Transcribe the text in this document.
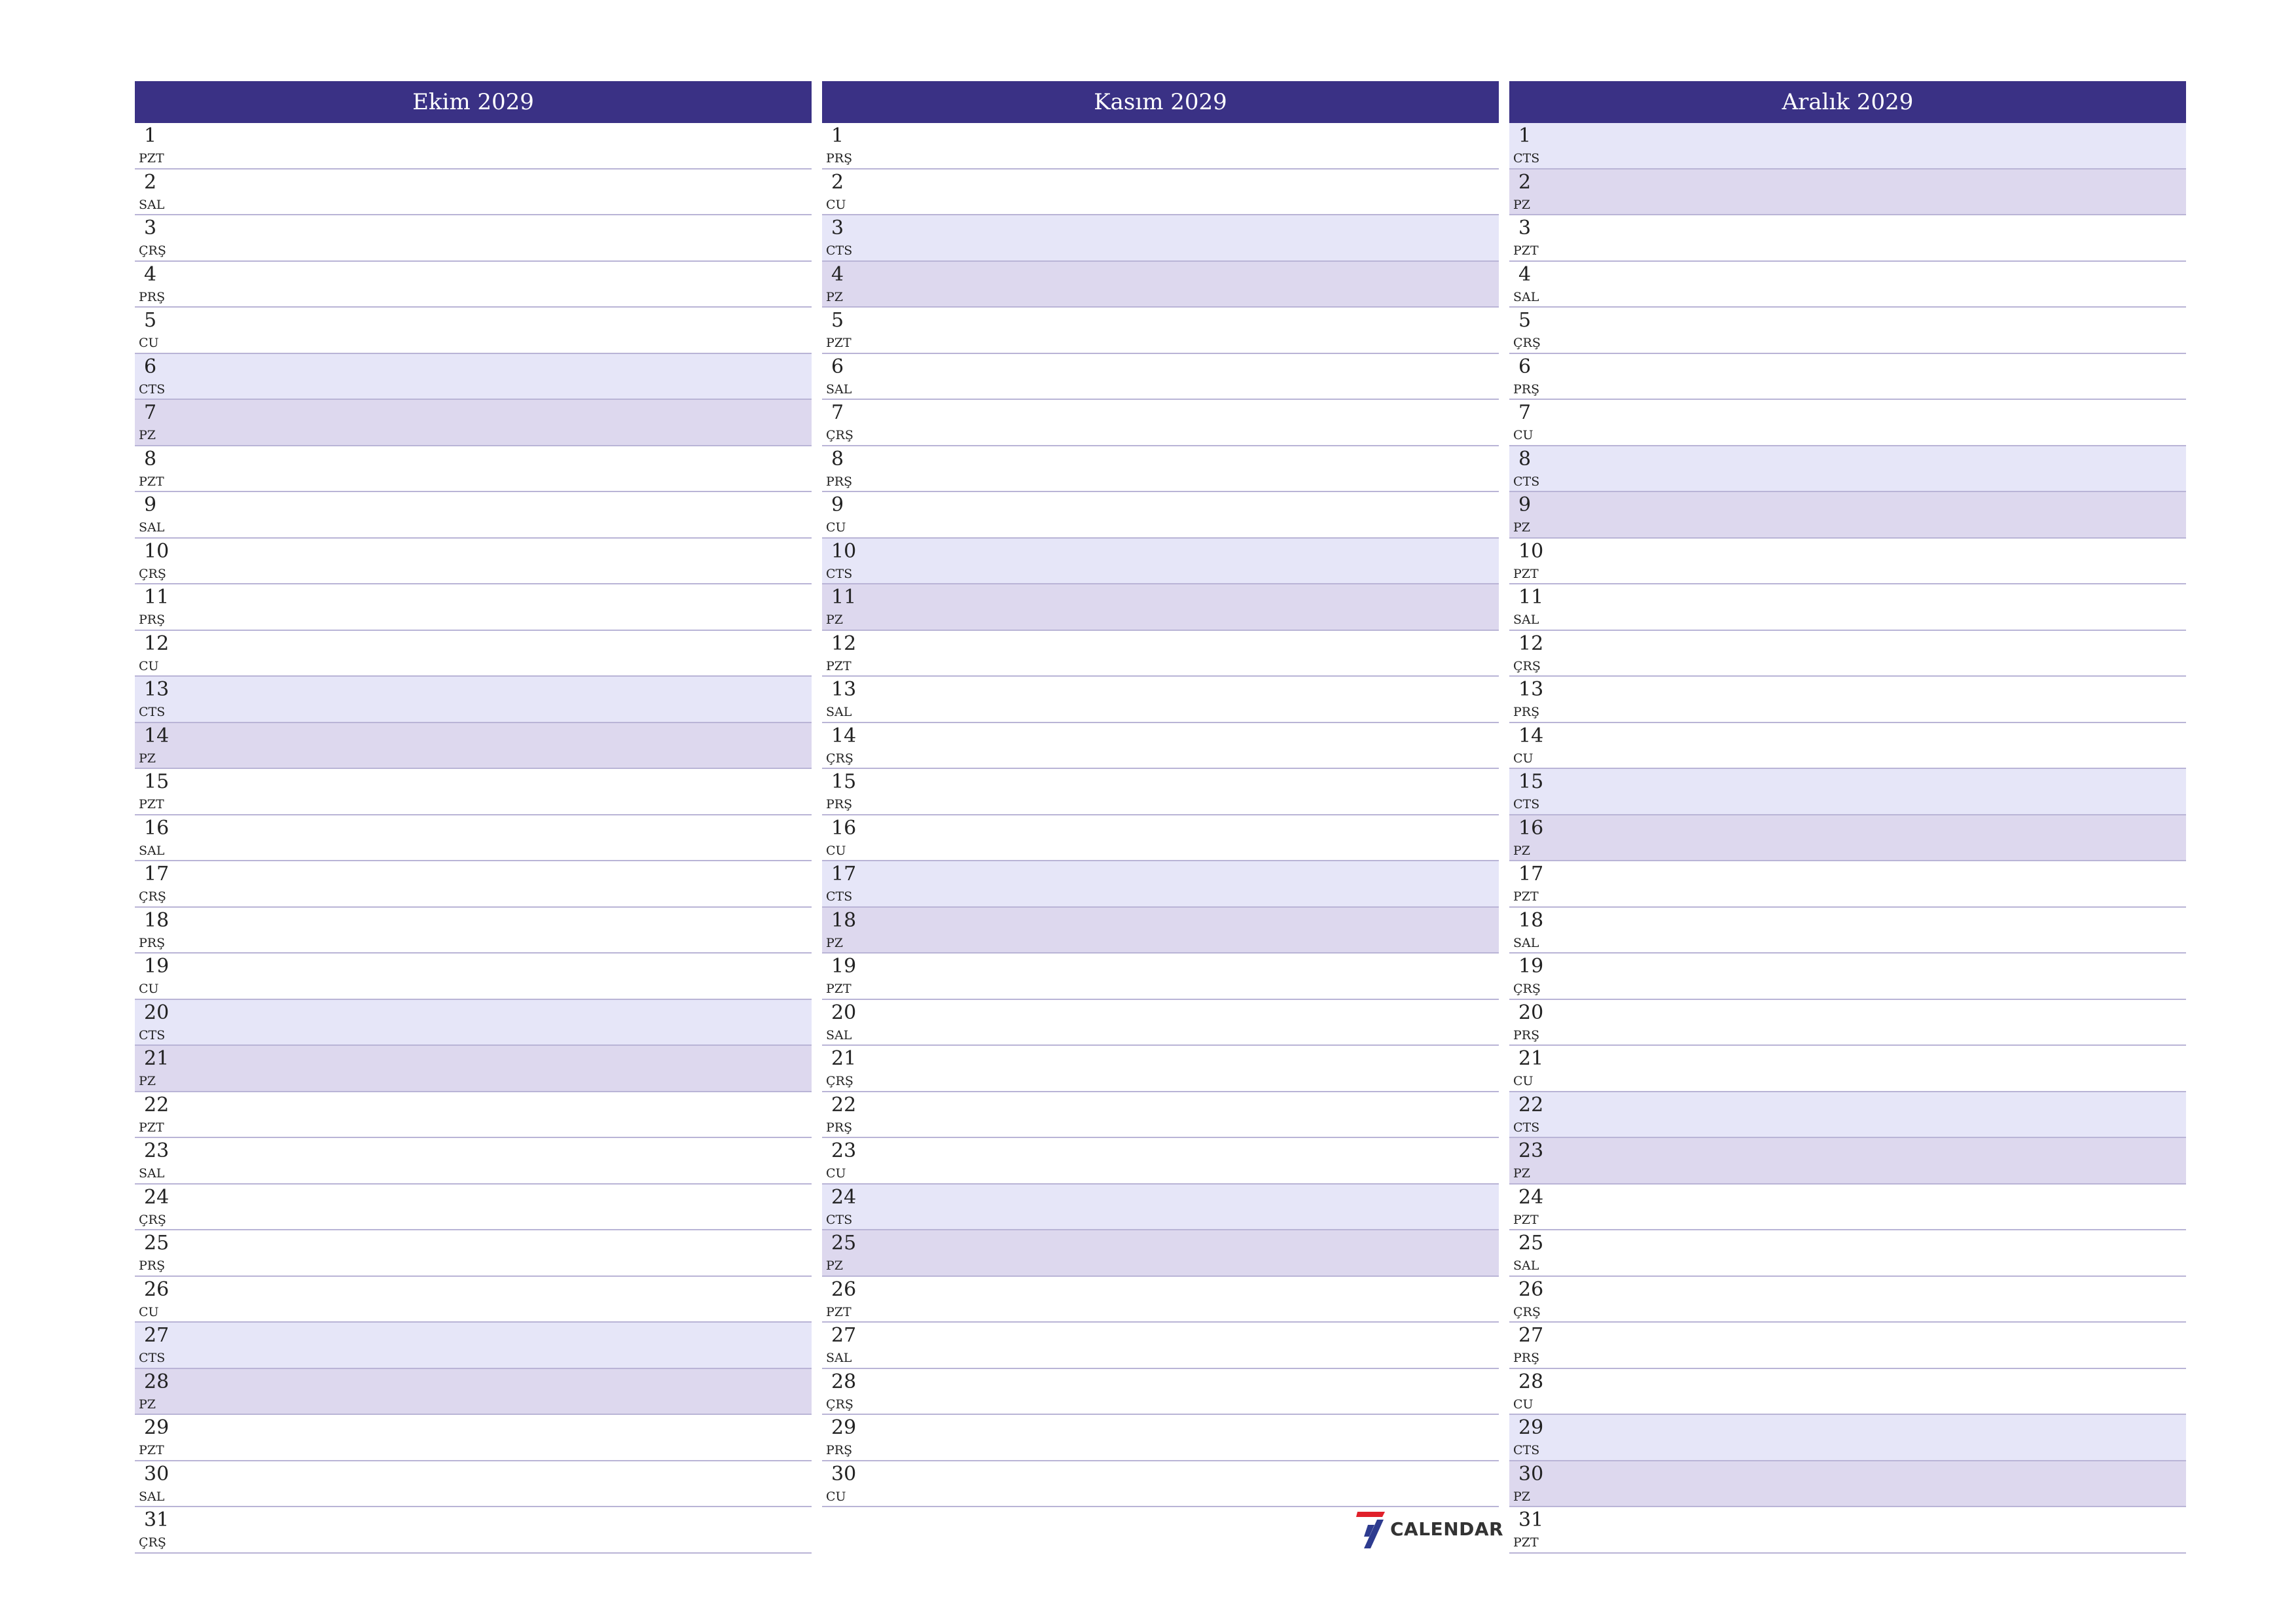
Ekim 2029
1
PZT
2
SAL
3
ÇRŞ
4
PRŞ
5
CU
6
CTS
7
PZ
8
PZT
9
SAL
10
ÇRŞ
11
PRŞ
12
CU
13
CTS
14
PZ
15
PZT
16
SAL
17
ÇRŞ
18
PRŞ
19
CU
20
CTS
21
PZ
22
PZT
23
SAL
24
ÇRŞ
25
PRŞ
26
CU
27
CTS
28
PZ
29
PZT
30
SAL
31
ÇRŞ
Kasım 2029
1
PRŞ
2
CU
3
CTS
4
PZ
5
PZT
6
SAL
7
ÇRŞ
8
PRŞ
9
CU
10
CTS
11
PZ
12
PZT
13
SAL
14
ÇRŞ
15
PRŞ
16
CU
17
CTS
18
PZ
19
PZT
20
SAL
21
ÇRŞ
22
PRŞ
23
CU
24
CTS
25
PZ
26
PZT
27
SAL
28
ÇRŞ
29
PRŞ
30
CU
Aralık 2029
1
CTS
2
PZ
3
PZT
4
SAL
5
ÇRŞ
6
PRŞ
7
CU
8
CTS
9
PZ
10
PZT
11
SAL
12
ÇRŞ
13
PRŞ
14
CU
15
CTS
16
PZ
17
PZT
18
SAL
19
ÇRŞ
20
PRŞ
21
CU
22
CTS
23
PZ
24
PZT
25
SAL
26
ÇRŞ
27
PRŞ
28
CU
29
CTS
30
PZ
31
PZT
CALENDAR
